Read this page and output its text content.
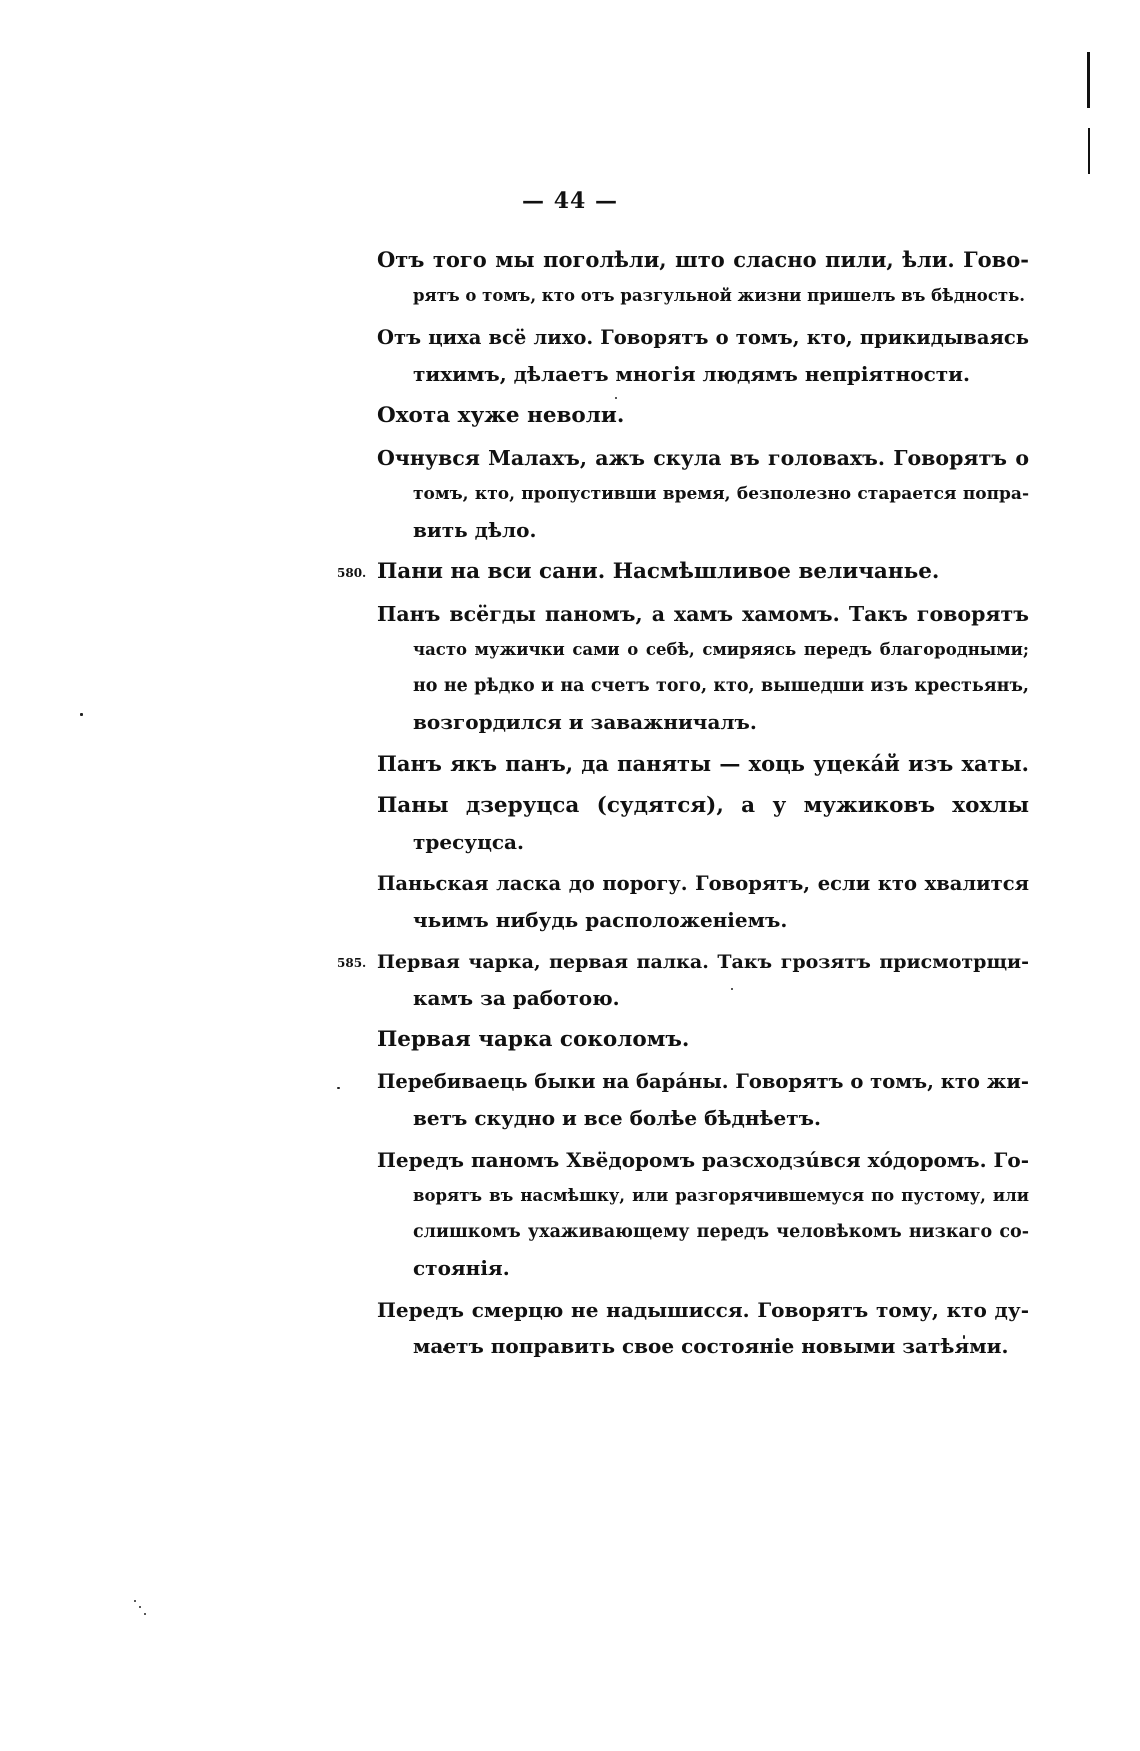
— 44 —
Отъ того мы поголѣли, што сласно пили, ѣли. Гово-
рятъ о томъ, кто отъ разгульной жизни пришелъ въ бѣдность.
Отъ циха всё лихо. Говорятъ о томъ, кто, прикидываясь
тихимъ, дѣлаетъ многія людямъ непріятности.
Охота хуже неволи.
Очнувся Малахъ, ажъ скула въ головахъ. Говорятъ о
томъ, кто, пропустивши время, безполезно старается попра-
вить дѣло.
580. Пани на вси сани. Насмѣшливое величанье.
Панъ всёгды паномъ, а хамъ хамомъ. Такъ говорятъ
часто мужички сами о себѣ, смиряясь передъ благородными;
но не рѣдко и на счетъ того, кто, вышедши изъ крестьянъ,
возгордился и заважничалъ.
Панъ якъ панъ, да паняты — хоць уцекáй изъ хаты.
Паны дзеруцса (судятся), а у мужиковъ хохлы
тресуцса.
Паньская ласка до порогу. Говорятъ, если кто хвалится
чьимъ нибудь расположеніемъ.
585. Первая чарка, первая палка. Такъ грозятъ присмотрщи-
камъ за работою.
Первая чарка соколомъ.
Перебиваець быки на барáны. Говорятъ о томъ, кто жи-
ветъ скудно и все болѣе бѣднѣетъ.
Передъ паномъ Хвёдоромъ разсходзúвся хóдоромъ. Го-
ворятъ въ насмѣшку, или разгорячившемуся по пустому, или
слишкомъ ухаживающему передъ человѣкомъ низкаго со-
стоянія.
Передъ смерцю не надышисся. Говорятъ тому, кто ду-
маетъ поправить свое состояніе новыми затѣями.
